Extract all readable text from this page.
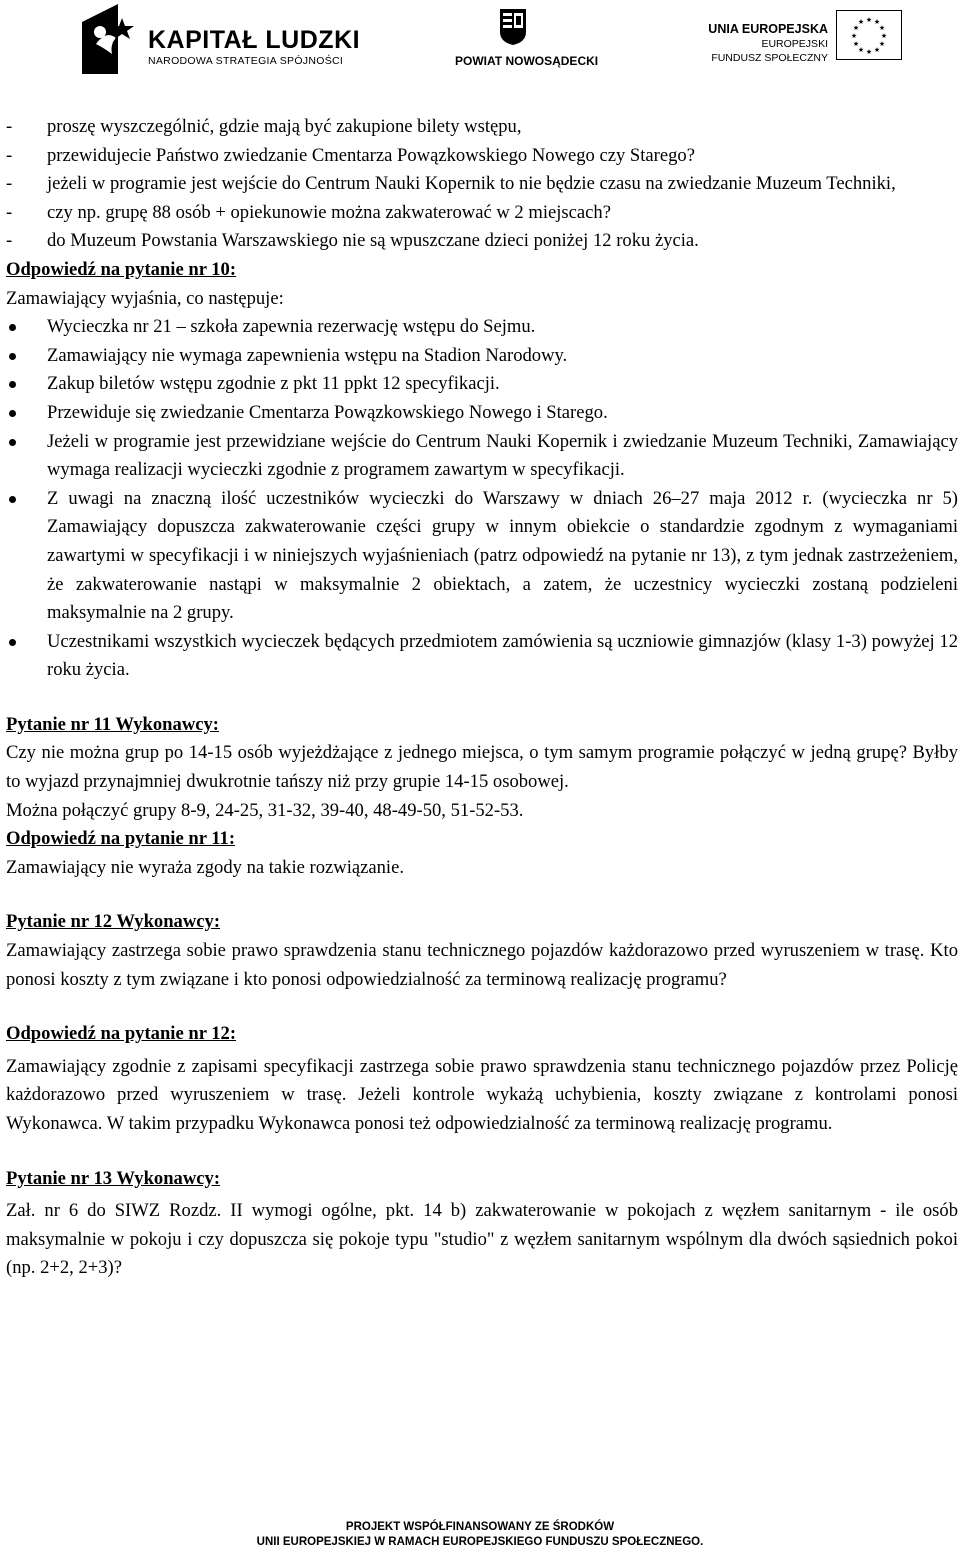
KAPITAŁ LUDZKI
NARODOWA STRATEGIA SPÓJNOŚCI	POWIAT NOWOSĄDECKI
UNIA EUROPEJSKA
EUROPEJSKI
FUNDUSZ SPOŁECZNY
★ ★
★
★
★
★
★
★
★
★
★
★
- proszę wyszczególnić, gdzie mają być zakupione bilety wstępu,
- przewidujecie Państwo zwiedzanie Cmentarza Powązkowskiego Nowego czy Starego?
- jeżeli w programie jest wejście do Centrum Nauki Kopernik to nie będzie czasu na zwiedzanie Muzeum Techniki,
- czy np. grupę 88 osób + opiekunowie można zakwaterować w 2 miejscach?
- do Muzeum Powstania Warszawskiego nie są wpuszczane dzieci poniżej 12 roku życia.
Odpowiedź na pytanie nr 10:
Zamawiający wyjaśnia, co następuje:
Wycieczka nr 21 – szkoła zapewnia rezerwację wstępu do Sejmu.
Zamawiający nie wymaga zapewnienia wstępu na Stadion Narodowy.
Zakup biletów wstępu zgodnie z pkt 11 ppkt 12 specyfikacji.
Przewiduje się zwiedzanie Cmentarza Powązkowskiego Nowego i Starego.
Jeżeli w programie jest przewidziane wejście do Centrum Nauki Kopernik i zwiedzanie Muzeum Techniki, Zamawiający wymaga realizacji wycieczki zgodnie z programem zawartym w specyfikacji.
Z uwagi na znaczną ilość uczestników wycieczki do Warszawy w dniach 26–27 maja 2012 r. (wycieczka nr 5) Zamawiający dopuszcza zakwaterowanie części grupy w innym obiekcie o standardzie zgodnym z wymaganiami zawartymi w specyfikacji i w niniejszych wyjaśnieniach (patrz odpowiedź na pytanie nr 13), z tym jednak zastrzeżeniem, że zakwaterowanie nastąpi w maksymalnie 2 obiektach, a zatem, że uczestnicy wycieczki zostaną podzieleni maksymalnie na 2 grupy.
Uczestnikami wszystkich wycieczek będących przedmiotem zamówienia są uczniowie gimnazjów (klasy 1-3) powyżej 12 roku życia.
Pytanie nr 11 Wykonawcy:
Czy nie można grup po 14-15 osób wyjeżdżające z jednego miejsca, o tym samym programie połączyć w jedną grupę? Byłby to wyjazd przynajmniej dwukrotnie tańszy niż przy grupie 14-15 osobowej.
Można połączyć grupy 8-9, 24-25, 31-32, 39-40, 48-49-50, 51-52-53.
Odpowiedź na pytanie nr 11:
Zamawiający nie wyraża zgody na takie rozwiązanie.
Pytanie nr 12 Wykonawcy:
Zamawiający zastrzega sobie prawo sprawdzenia stanu technicznego pojazdów każdorazowo przed wyruszeniem w trasę. Kto ponosi koszty z tym związane i kto ponosi odpowiedzialność za terminową realizację programu?
Odpowiedź na pytanie nr 12:
Zamawiający zgodnie z zapisami specyfikacji zastrzega sobie prawo sprawdzenia stanu technicznego pojazdów przez Policję każdorazowo przed wyruszeniem w trasę. Jeżeli kontrole wykażą uchybienia, koszty związane z kontrolami ponosi Wykonawca. W takim przypadku Wykonawca ponosi też odpowiedzialność za terminową realizację programu.
Pytanie nr 13 Wykonawcy:
Zał. nr 6 do SIWZ Rozdz. II wymogi ogólne, pkt. 14 b) zakwaterowanie w pokojach z węzłem sanitarnym - ile osób maksymalnie w pokoju i czy dopuszcza się pokoje typu "studio" z węzłem sanitarnym wspólnym dla dwóch sąsiednich pokoi (np. 2+2, 2+3)?
PROJEKT WSPÓŁFINANSOWANY ZE ŚRODKÓW
UNII EUROPEJSKIEJ W RAMACH EUROPEJSKIEGO FUNDUSZU SPOŁECZNEGO.
